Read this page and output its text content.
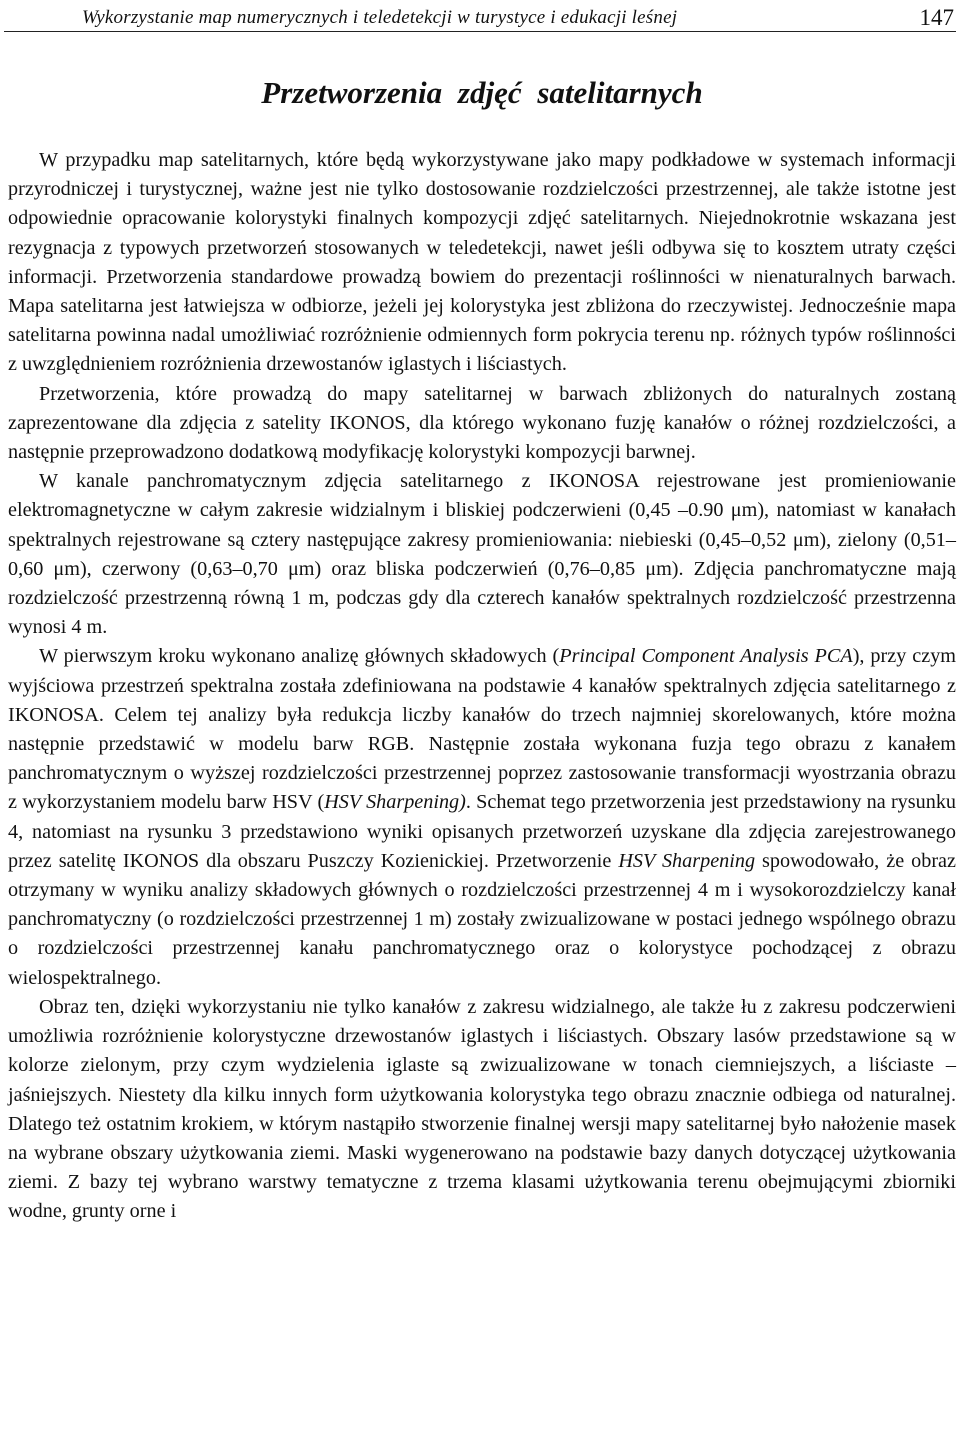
Wykorzystanie map numerycznych i teledetekcji w turystyce i edukacji leśnej	147
Przetworzenia zdjęć satelitarnych

W przypadku map satelitarnych, które będą wykorzystywane jako mapy podkładowe w systemach informacji przyrodniczej i turystycznej, ważne jest nie tylko dostosowanie rozdzielczości przestrzennej, ale także istotne jest odpowiednie opracowanie kolorystyki finalnych kompozycji zdjęć satelitarnych. Niejednokrotnie wskazana jest rezygnacja z typowych przetworzeń stosowanych w teledetekcji, nawet jeśli odbywa się to kosztem utraty części informacji. Przetworzenia standardowe prowadzą bowiem do prezentacji roślinności w nienaturalnych barwach. Mapa satelitarna jest łatwiejsza w odbiorze, jeżeli jej kolorystyka jest zbliżona do rzeczywistej. Jednocześnie mapa satelitarna powinna nadal umożliwiać rozróżnienie odmiennych form pokrycia terenu np. różnych typów roślinności z uwzględnieniem rozróżnienia drzewostanów iglastych i liściastych.

Przetworzenia, które prowadzą do mapy satelitarnej w barwach zbliżonych do naturalnych zostaną zaprezentowane dla zdjęcia z satelity IKONOS, dla którego wykonano fuzję kanałów o różnej rozdzielczości, a następnie przeprowadzono dodatkową modyfikację kolorystyki kompozycji barwnej.

W kanale panchromatycznym zdjęcia satelitarnego z IKONOSA rejestrowane jest promieniowanie elektromagnetyczne w całym zakresie widzialnym i bliskiej podczerwieni (0,45 –0.90 μm), natomiast w kanałach spektralnych rejestrowane są cztery następujące zakresy promieniowania: niebieski (0,45–0,52 μm), zielony (0,51–0,60 μm), czerwony (0,63–0,70 μm) oraz bliska podczerwień (0,76–0,85 μm). Zdjęcia panchromatyczne mają rozdzielczość przestrzenną równą 1 m, podczas gdy dla czterech kanałów spektralnych rozdzielczość przestrzenna wynosi 4 m.

W pierwszym kroku wykonano analizę głównych składowych (Principal Component Analysis PCA), przy czym wyjściowa przestrzeń spektralna została zdefiniowana na podstawie 4 kanałów spektralnych zdjęcia satelitarnego z IKONOSA. Celem tej analizy była redukcja liczby kanałów do trzech najmniej skorelowanych, które można następnie przedstawić w modelu barw RGB. Następnie została wykonana fuzja tego obrazu z kanałem panchromatycznym o wyższej rozdzielczości przestrzennej poprzez zastosowanie transformacji wyostrzania obrazu z wykorzystaniem modelu barw HSV (HSV Sharpening). Schemat tego przetworzenia jest przedstawiony na rysunku 4, natomiast na rysunku 3 przedstawiono wyniki opisanych przetworzeń uzyskane dla zdjęcia zarejestrowanego przez satelitę IKONOS dla obszaru Puszczy Kozienickiej. Przetworzenie HSV Sharpening spowodowało, że obraz otrzymany w wyniku analizy składowych głównych o rozdzielczości przestrzennej 4 m i wysokorozdzielczy kanał panchromatyczny (o rozdzielczości przestrzennej 1 m) zostały zwizualizowane w postaci jednego wspólnego obrazu o rozdzielczości przestrzennej kanału panchromatycznego oraz o kolorystyce pochodzącej z obrazu wielospektralnego.

Obraz ten, dzięki wykorzystaniu nie tylko kanałów z zakresu widzialnego, ale także łu z zakresu podczerwieni umożliwia rozróżnienie kolorystyczne drzewostanów iglastych i liściastych. Obszary lasów przedstawione są w kolorze zielonym, przy czym wydzielenia iglaste są zwizualizowane w tonach ciemniejszych, a liściaste – jaśniejszych. Niestety dla kilku innych form użytkowania kolorystyka tego obrazu znacznie odbiega od naturalnej. Dlatego też ostatnim krokiem, w którym nastąpiło stworzenie finalnej wersji mapy satelitarnej było nałożenie masek na wybrane obszary użytkowania ziemi. Maski wygenerowano na podstawie bazy danych dotyczącej użytkowania ziemi. Z bazy tej wybrano warstwy tematyczne z trzema klasami użytkowania terenu obejmującymi zbiorniki wodne, grunty orne i
